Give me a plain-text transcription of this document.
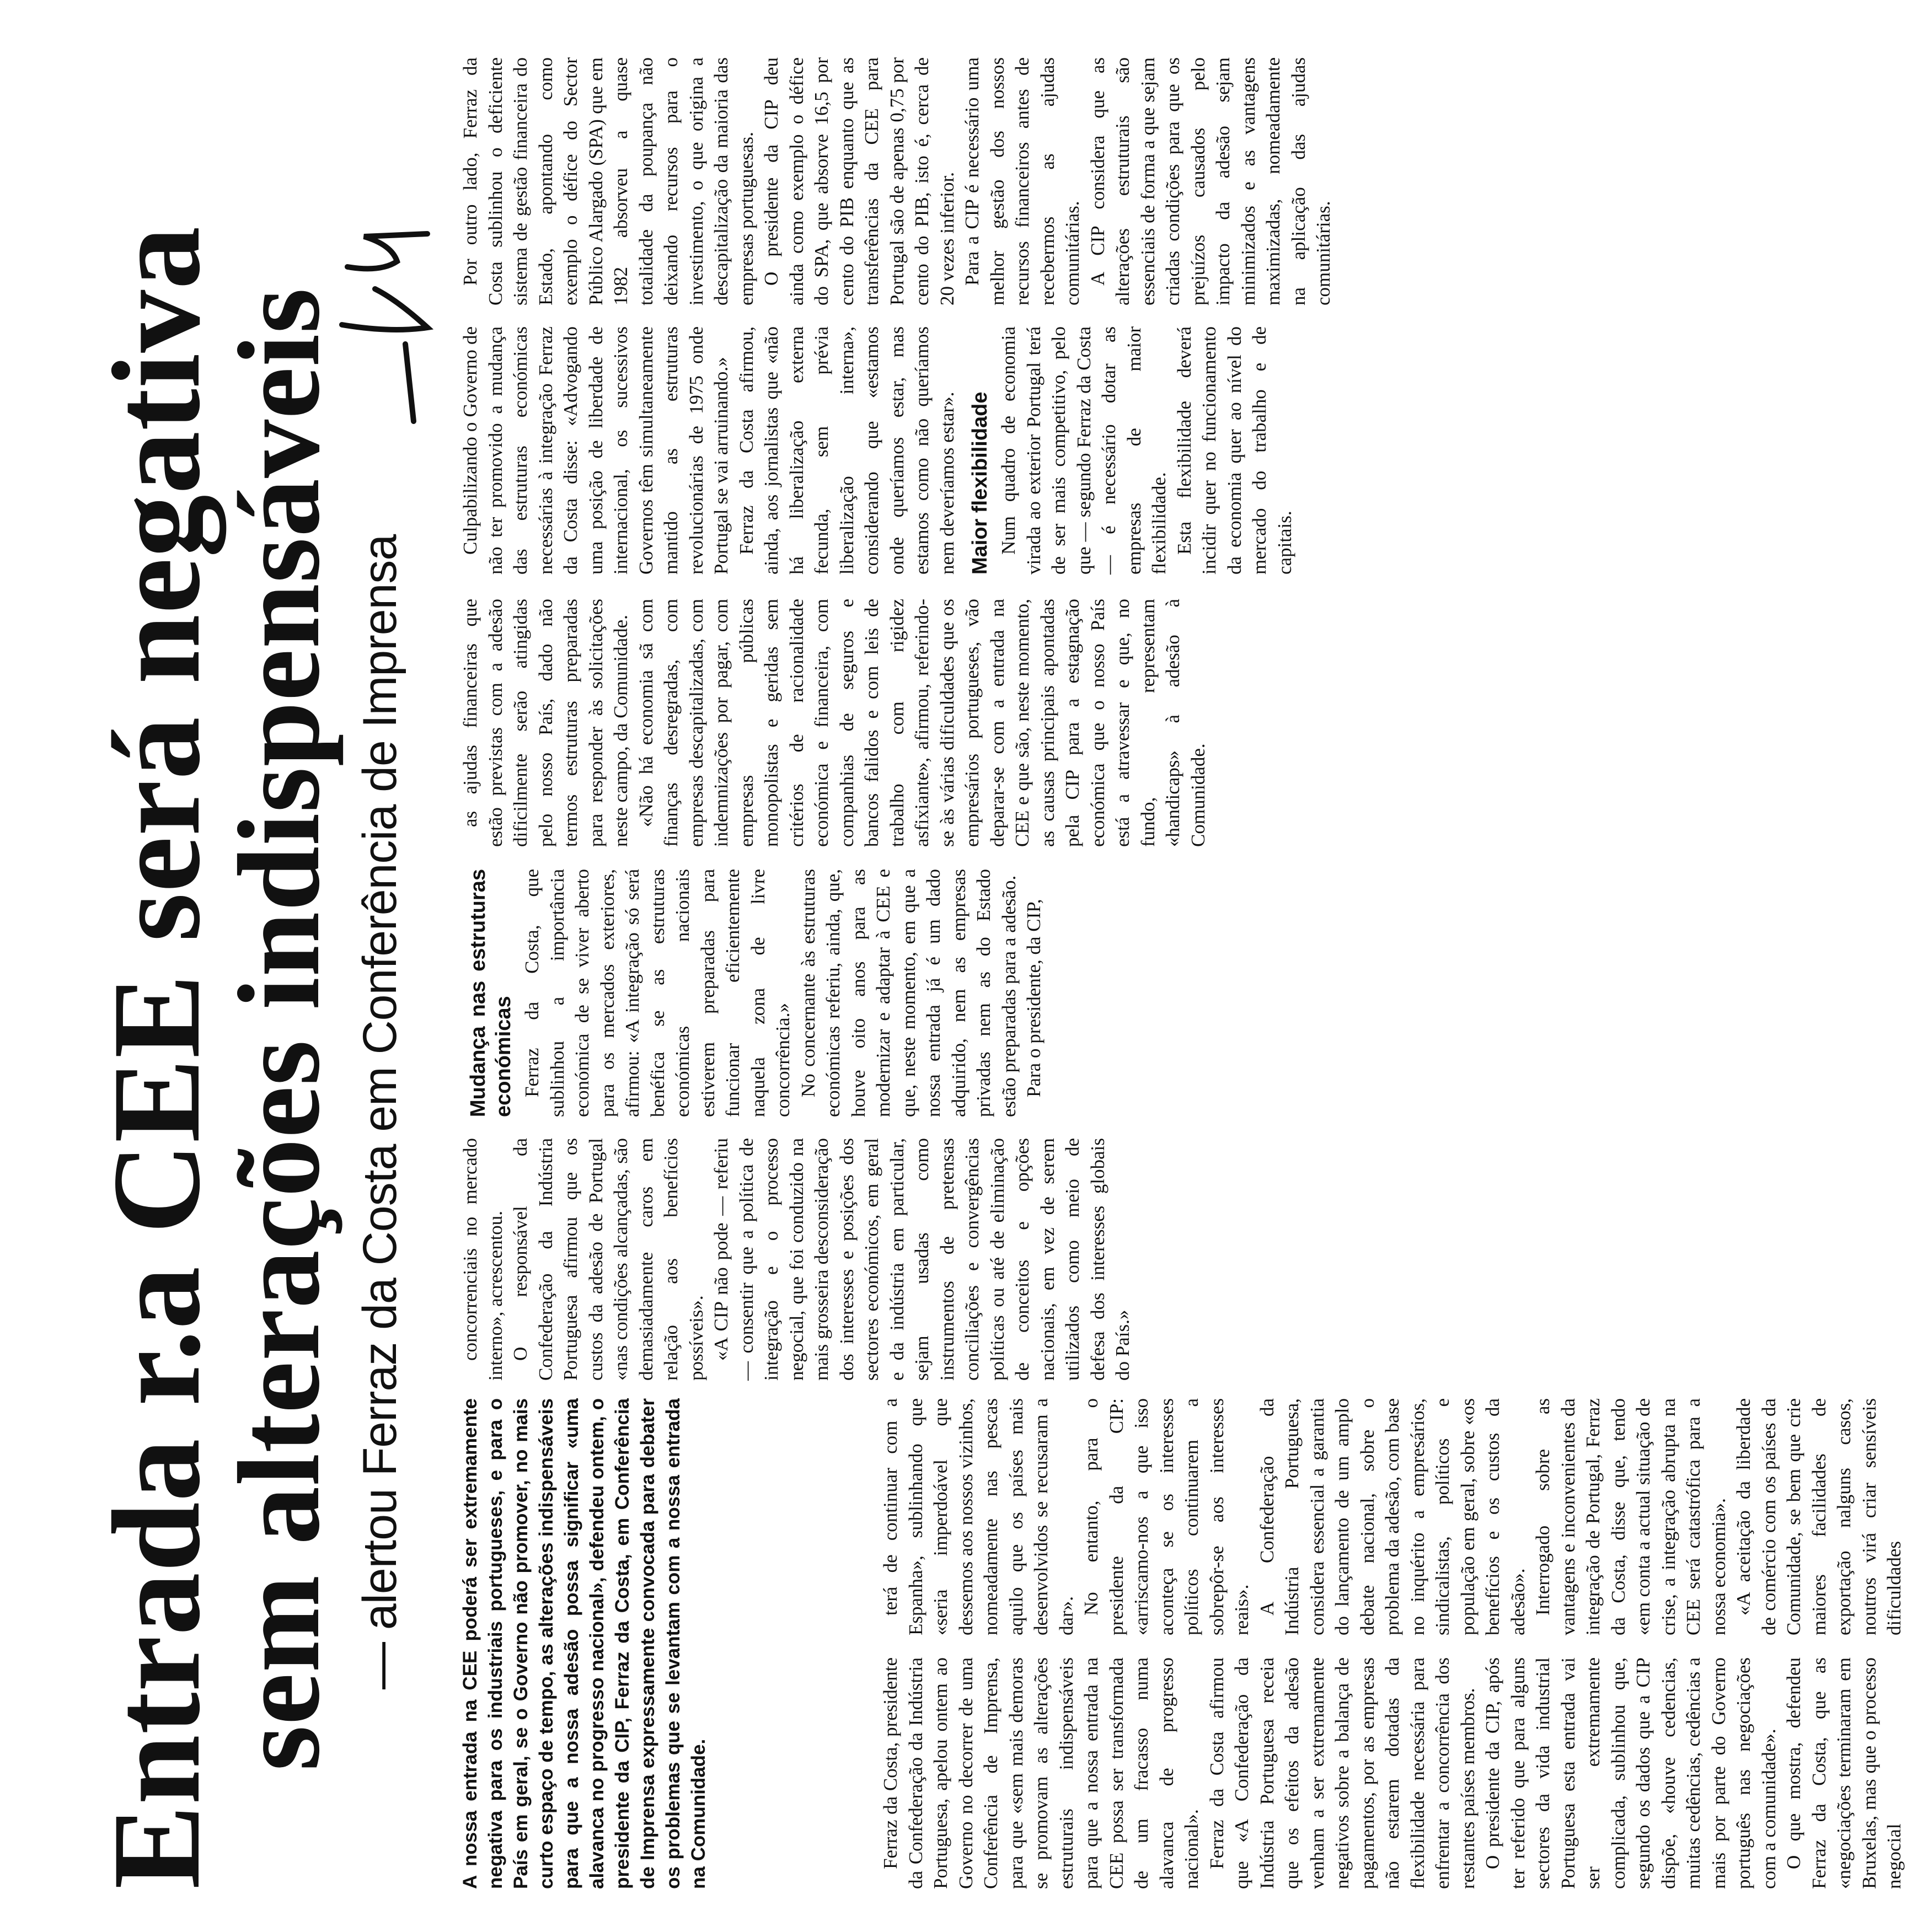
Entrada r.a CEE será negativa
sem alterações indispensáveis — alertou Ferraz da Costa em Conferência de Imprensa	A nossa entrada na CEE poderá ser extremamente negativa para os industriais portugueses, e para o País em geral, se o Governo não promover, no mais curto espaço de tempo, as alterações indispensáveis para que a nossa adesão possa significar «uma alavanca no progresso nacional», defendeu ontem, o presidente da CIP, Ferraz da Costa, em Conferência de Imprensa expressamente convocada para debater os problemas que se levantam com a nossa entrada na Comunidade.	Ferraz da Costa, presidente da Confederação da Indústria Portuguesa, apelou ontem ao Governo no decorrer de uma Conferência de Imprensa, para que «sem mais demoras se promovam as alterações estruturais indispensáveis para que a nossa entrada na CEE possa ser transformada de um fracasso numa alavanca de progresso nacional». Ferraz da Costa afirmou que «A Confederação da Indústria Portuguesa receia que os efeitos da adesão venham a ser extremamente negativos sobre a balança de pagamentos, por as empresas não estarem dotadas da flexibilidade necessária para enfrentar a concorrência dos restantes países membros. O presidente da CIP, após ter referido que para alguns sectores da vida industrial Portuguesa esta entrada vai ser extremamente complicada, sublinhou que, segundo os dados que a CIP dispõe, «houve cedencias, muitas cedências, cedências a mais por parte do Governo português nas negociações com a comunidade». O que mostra, defendeu Ferraz da Costa, que as «negociações terminaram em Bruxelas, mas que o processo negocial

terá de continuar com a Espanha», sublinhando que «seria imperdoável que dessemos aos nossos vizinhos, nomeadamente nas pescas aquilo que os países mais desenvolvidos se recusaram a dar».

No entanto, para o presidente da CIP: «arriscamo-nos a que isso aconteça se os interesses políticos continuarem a sobrepôr-se aos interesses reais». A Confederação da Indústria Portuguesa, considera essencial a garantia do lançamento de um amplo debate nacional, sobre o problema da adesão, com base no inquérito a empresários, sindicalistas, políticos e população em geral, sobre «os benefícios e os custos da adesão». Interrogado sobre as vantagens e inconvenientes da integração de Portugal, Ferraz da Costa, disse que, tendo «em conta a actual situação de crise, a integração abrupta na CEE será catastrófica para a nossa economia». «A aceitação da liberdade de comércio com os países da Comunidade, se bem que crie maiores facilidades de exportação nalguns casos, noutros virá criar sensíveis dificuldades

concorrenciais no mercado interno», acrescentou. O responsável da Confederação da Indústria Portuguesa afirmou que os custos da adesão de Portugal «nas condições alcançadas, são demasiadamente caros em relação aos benefícios possíveis». «A CIP não pode — referiu — consentir que a política de integração e o processo negocial, que foi conduzido na mais grosseira desconsideração dos interesses e posições dos sectores económicos, em geral e da indústria em particular, sejam usadas como instrumentos de pretensas conciliações e convergências políticas ou até de eliminação de conceitos e opções nacionais, em vez de serem utilizados como meio de defesa dos interesses globais do País.»

Mudança nas estruturas económicas Ferraz da Costa, que sublinhou a importância económica de se viver aberto para os mercados exteriores, afirmou: «A integração só será benéfica se as estruturas económicas nacionais estiverem preparadas para funcionar eficientemente naquela zona de livre concorrência.» No concernante às estruturas económicas referiu, ainda, que, houve oito anos para as modernizar e adaptar à CEE e que, neste momento, em que a nossa entrada já é um dado adquirido, nem as empresas privadas nem as do Estado estão preparadas para a adesão. Para o presidente, da CIP,

as ajudas financeiras que estão previstas com a adesão dificilmente serão atingidas pelo nosso País, dado não termos estruturas preparadas para responder às solicitações neste campo, da Comunidade. «Não há economia sã com finanças desregradas, com empresas descapitalizadas, com indemnizações por pagar, com empresas públicas monopolistas e geridas sem critérios de racionalidade económica e financeira, com companhias de seguros e bancos falidos e com leis de trabalho com rigidez asfixiante», afirmou, referindo-se às várias dificuldades que os empresários portugueses, vão deparar-se com a entrada na CEE e que são, neste momento, as causas principais apontadas pela CIP para a estagnação económica que o nosso País está a atravessar e que, no fundo, representam «handicaps» à adesão à Comunidade.

Culpabilizando o Governo de não ter promovido a mudança das estruturas económicas necessárias à integração Ferraz da Costa disse: «Advogando uma posição de liberdade de internacional, os sucessivos Governos têm simultaneamente mantido as estruturas revolucionárias de 1975 onde Portugal se vai arruinando.» Ferraz da Costa afirmou, ainda, aos jornalistas que «não há liberalização externa fecunda, sem prévia liberalização interna», considerando que «estamos onde queríamos estar, mas estamos como não queríamos nem deveríamos estar». Maior flexibilidade Num quadro de economia virada ao exterior Portugal terá de ser mais competitivo, pelo que — segundo Ferraz da Costa — é necessário dotar as empresas de maior flexibilidade. Esta flexibilidade deverá incidir quer no funcionamento da economia quer ao nível do mercado do trabalho e de capitais.

Por outro lado, Ferraz da Costa sublinhou o deficiente sistema de gestão financeira do Estado, apontando como exemplo o défice do Sector Público Alargado (SPA) que em 1982 absorveu a quase totalidade da poupança não deixando recursos para o investimento, o que origina a descapitalização da maioria das empresas portuguesas. O presidente da CIP deu ainda como exemplo o défice do SPA, que absorve 16,5 por cento do PIB enquanto que as transferências da CEE para Portugal são de apenas 0,75 por cento do PIB, isto é, cerca de 20 vezes inferior. Para a CIP é necessário uma melhor gestão dos nossos recursos financeiros antes de recebermos as ajudas comunitárias. A CIP considera que as alterações estruturais são essenciais de forma a que sejam criadas condições para que os prejuízos causados pelo impacto da adesão sejam minimizados e as vantagens maximizadas, nomeadamente na aplicação das ajudas comunitárias.
